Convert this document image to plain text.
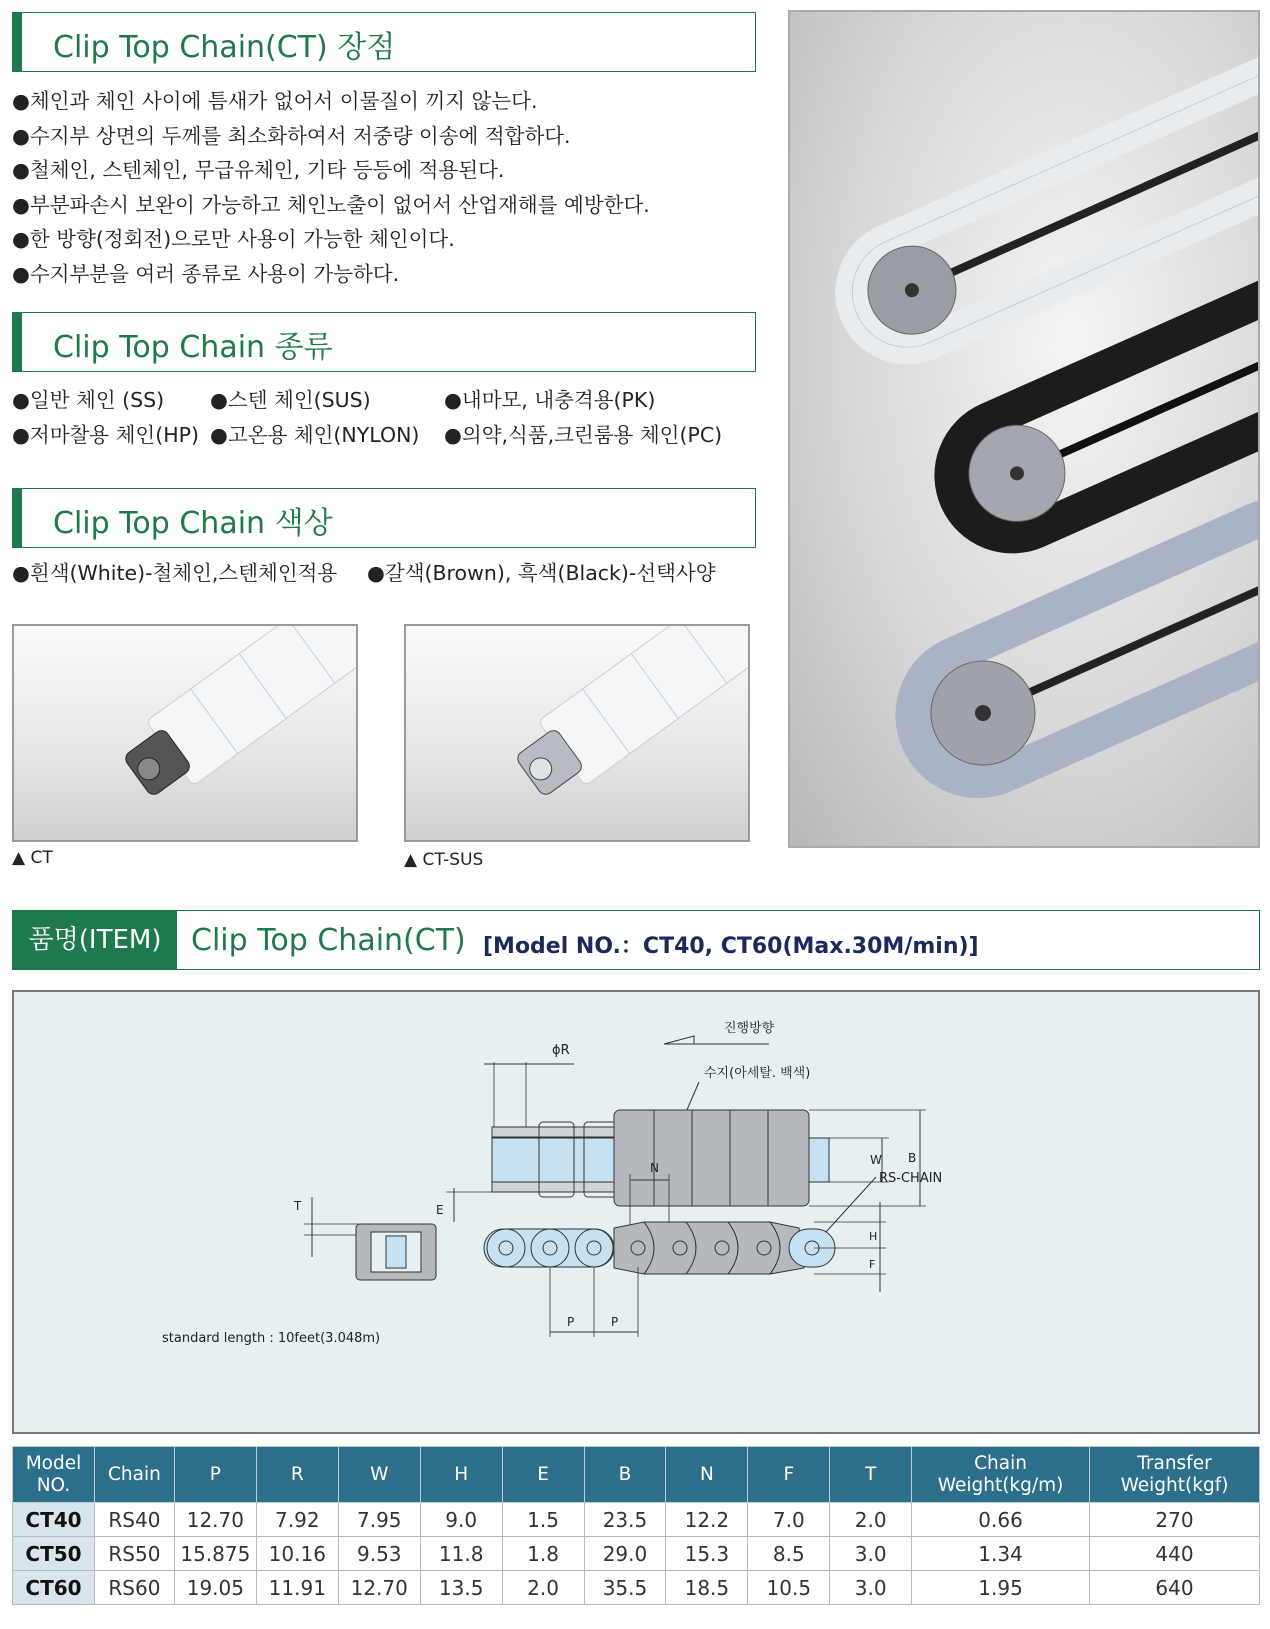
Clip Top Chain(CT) 장점
●체인과 체인 사이에 틈새가 없어서 이물질이 끼지 않는다.
●수지부 상면의 두께를 최소화하여서 저중량 이송에 적합하다.
●철체인, 스텐체인, 무급유체인, 기타 등등에 적용된다.
●부분파손시 보완이 가능하고 체인노출이 없어서 산업재해를 예방한다.
●한 방향(정회전)으로만 사용이 가능한 체인이다.
●수지부분을 여러 종류로 사용이 가능하다.
Clip Top Chain 종류
●일반 체인 (SS) ●스텐 체인(SUS)	●내마모, 내충격용(PK)
●저마찰용 체인(HP) ●고온용 체인(NYLON) ●의약,식품,크린룸용 체인(PC)
Clip Top Chain 색상
●흰색(White)-철체인,스텐체인적용 ●갈색(Brown), 흑색(Black)-선택사양
▲ CT	▲ CT-SUS
품명(ITEM) Clip Top Chain(CT) [Model NO.：CT40, CT60(Max.30M/min)]
진행방향
ϕR
수지(아세탈. 백색)
W B
E
T
N
RS-CHAIN
H
F
P	P
standard length : 10feet(3.048m)
Model NO.	Chain	P	R	W	H	E	B	N	F	T	Chain Weight(kg/m)	Transfer Weight(kgf)
CT40	RS40	12.70	7.92	7.95	9.0	1.5	23.5	12.2	7.0	2.0	0.66	270
CT50	RS50	15.875	10.16	9.53	11.8	1.8	29.0	15.3	8.5	3.0	1.34	440
CT60	RS60	19.05	11.91	12.70	13.5	2.0	35.5	18.5	10.5	3.0	1.95	640
